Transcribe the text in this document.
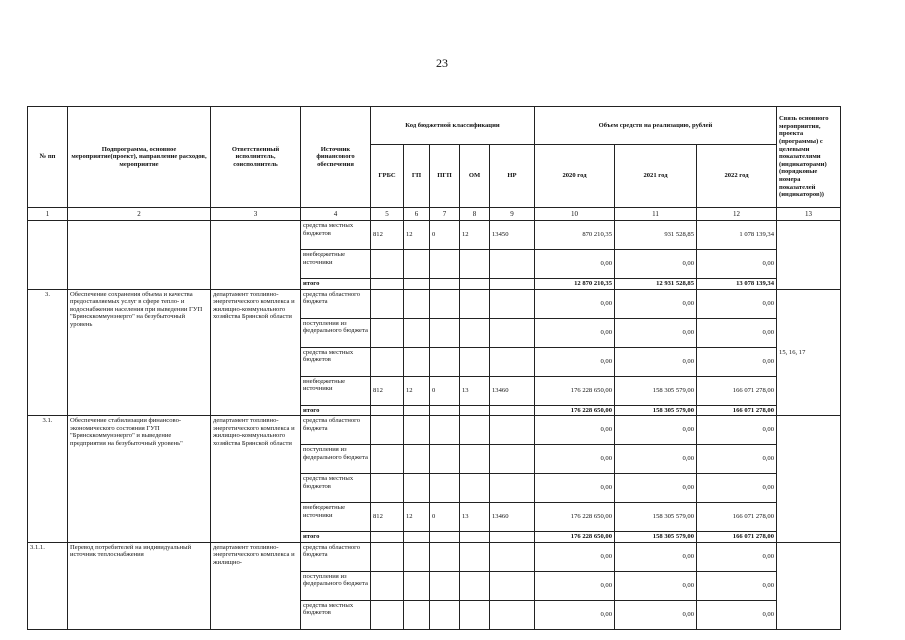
23
№ пп	Подпрограмма, основное мероприятие(проект), направление расходов, мероприятие	Ответственный исполнитель, соисполнитель	Источник финансового обеспечения	Код бюджетной классификации					Объем средств на реализацию, рублей			Связь основного мероприятия, проекта (программы) с целевыми показателями (индикаторами) (порядковые номера показателей (индикаторов))
				ГРБС	ГП	ПГП	ОМ	НР	2020 год	2021 год	2022 год	
1	2	3	4	5	6	7	8	9	10	11	12	13
			средства местных бюджетов	812	12	0	12	13450	870 210,35	931 528,85	1 078 139,34	
			внебюджетные источники						0,00	0,00	0,00	
			итого						12 870 210,35	12 931 528,85	13 078 139,34	
3.	Обеспечение сохранения объема и качества предоставляемых услуг в сфере тепло- и водоснабжения населения при выведении ГУП "Брянсккоммунэнерго" на безубыточный уровень	департамент топливно-энергетического комплекса и жилищно-коммунального хозяйства Брянской области	средства областного бюджета						0,00	0,00	0,00	15, 16, 17
			поступления из федерального бюджета						0,00	0,00	0,00	
			средства местных бюджетов						0,00	0,00	0,00	
			внебюджетные источники	812	12	0	13	13460	176 228 650,00	158 305 579,00	166 071 278,00	
			итого						176 228 650,00	158 305 579,00	166 071 278,00	
3.1.	Обеспечение стабилизации финансово-экономического состояния ГУП "Брянсккоммунэнерго" и выведение предприятия на безубыточный уровень"	департамент топливно-энергетического комплекса и жилищно-коммунального хозяйства Брянской области	средства областного бюджета						0,00	0,00	0,00	
			поступления из федерального бюджета						0,00	0,00	0,00	
			средства местных бюджетов						0,00	0,00	0,00	
			внебюджетные источники	812	12	0	13	13460	176 228 650,00	158 305 579,00	166 071 278,00	
			итого						176 228 650,00	158 305 579,00	166 071 278,00	
3.1.1.	Перевод потребителей на индивидуальный источник теплоснабжения	департамент топливно-энергетического комплекса и жилищно-	средства областного бюджета						0,00	0,00	0,00	
			поступления из федерального бюджета						0,00	0,00	0,00	
			средства местных бюджетов						0,00	0,00	0,00	
